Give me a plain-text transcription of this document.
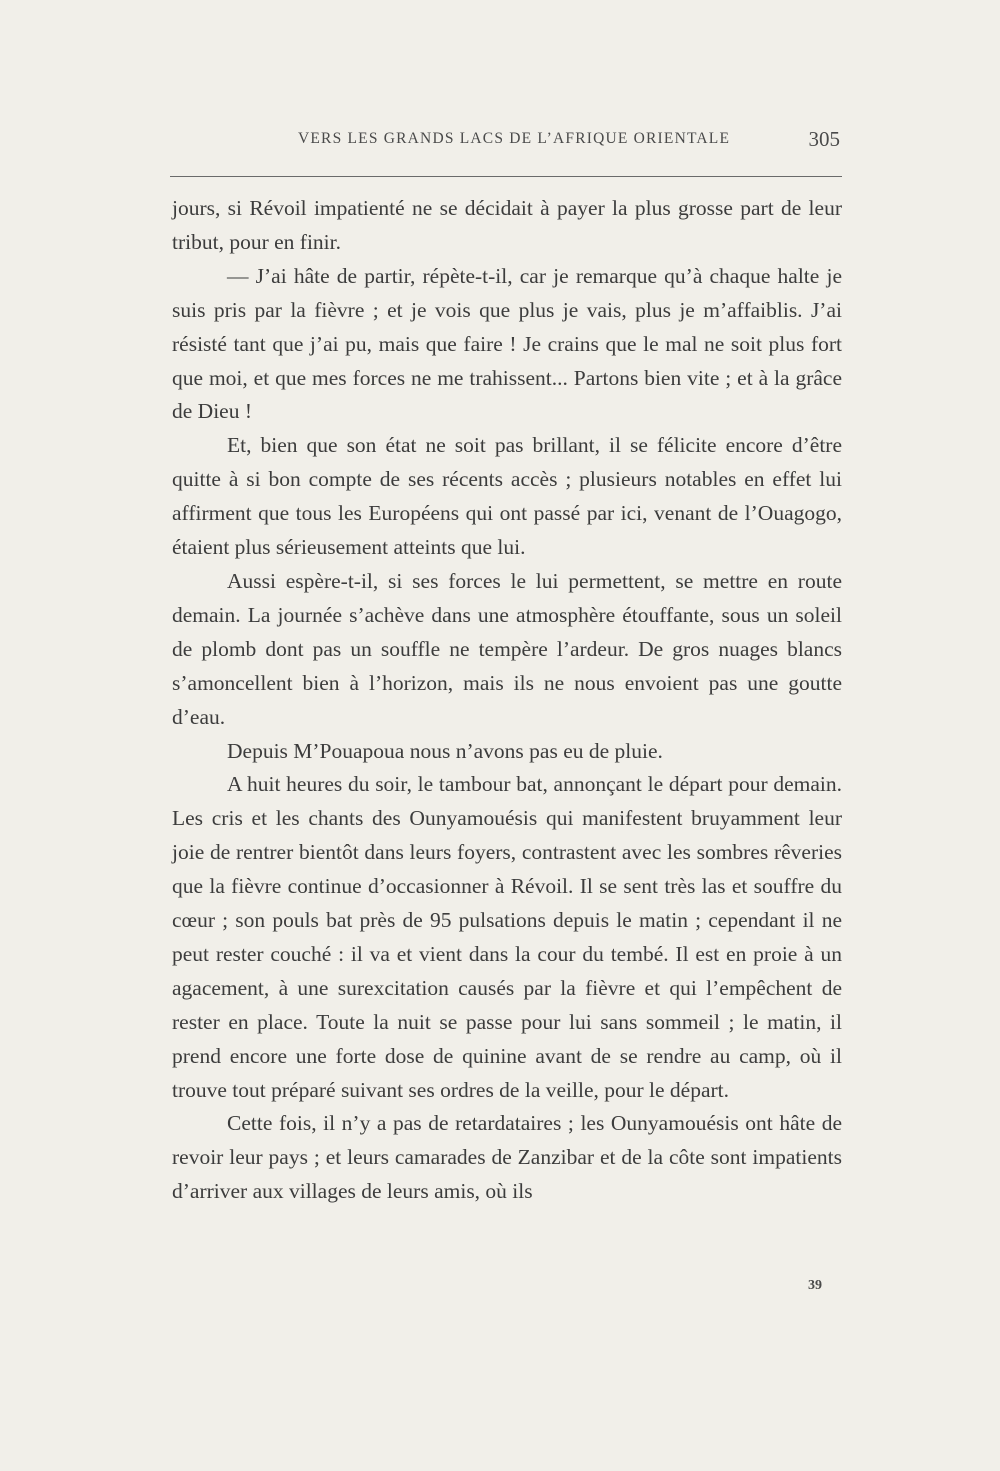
VERS LES GRANDS LACS DE L’AFRIQUE ORIENTALE	305

jours, si Révoil impatienté ne se décidait à payer la plus grosse part de leur tribut, pour en finir.

— J’ai hâte de partir, répète-t-il, car je remarque qu’à chaque halte je suis pris par la fièvre ; et je vois que plus je vais, plus je m’affaiblis. J’ai résisté tant que j’ai pu, mais que faire ! Je crains que le mal ne soit plus fort que moi, et que mes forces ne me trahissent... Partons bien vite ; et à la grâce de Dieu !

Et, bien que son état ne soit pas brillant, il se félicite encore d’être quitte à si bon compte de ses récents accès ; plusieurs notables en effet lui affirment que tous les Européens qui ont passé par ici, venant de l’Ouagogo, étaient plus sérieusement atteints que lui.

Aussi espère-t-il, si ses forces le lui permettent, se mettre en route demain. La journée s’achève dans une atmosphère étouffante, sous un soleil de plomb dont pas un souffle ne tempère l’ardeur. De gros nuages blancs s’amoncellent bien à l’horizon, mais ils ne nous envoient pas une goutte d’eau.

Depuis M’Pouapoua nous n’avons pas eu de pluie.

A huit heures du soir, le tambour bat, annonçant le départ pour demain. Les cris et les chants des Ounyamouésis qui manifestent bruyamment leur joie de rentrer bientôt dans leurs foyers, contrastent avec les sombres rêveries que la fièvre continue d’occasionner à Révoil. Il se sent très las et souffre du cœur ; son pouls bat près de 95 pulsations depuis le matin ; cependant il ne peut rester couché : il va et vient dans la cour du tembé. Il est en proie à un agacement, à une surexcitation causés par la fièvre et qui l’empêchent de rester en place. Toute la nuit se passe pour lui sans sommeil ; le matin, il prend encore une forte dose de quinine avant de se rendre au camp, où il trouve tout préparé suivant ses ordres de la veille, pour le départ.

Cette fois, il n’y a pas de retardataires ; les Ounyamouésis ont hâte de revoir leur pays ; et leurs camarades de Zanzibar et de la côte sont impatients d’arriver aux villages de leurs amis, où ils

39
